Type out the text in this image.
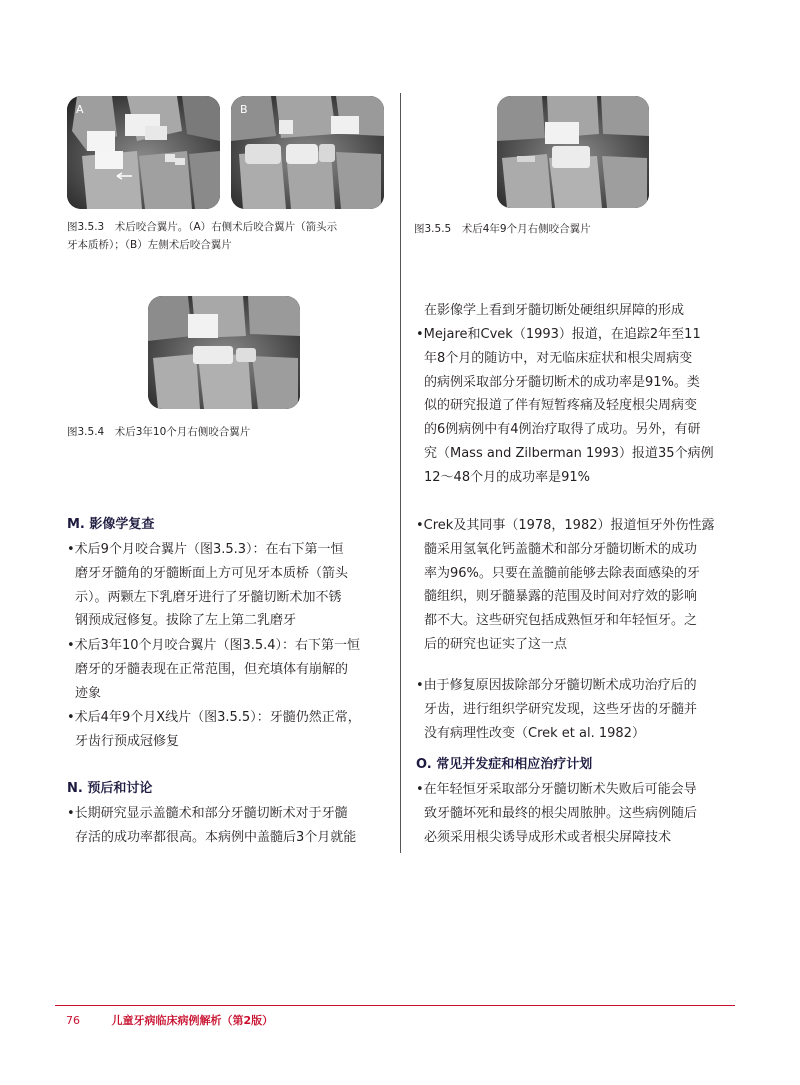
A	B
图3.5.3　术后咬合翼片。（A）右侧术后咬合翼片（箭头示
牙本质桥）；（B）左侧术后咬合翼片
图3.5.5　术后4年9个月右侧咬合翼片
图3.5.4　术后3年10个月右侧咬合翼片
M. 影像学复查
•术后9个月咬合翼片（图3.5.3）：在右下第一恒
磨牙牙髓角的牙髓断面上方可见牙本质桥（箭头
示）。两颗左下乳磨牙进行了牙髓切断术加不锈
钢预成冠修复。拔除了左上第二乳磨牙
•术后3年10个月咬合翼片（图3.5.4）：右下第一恒
磨牙的牙髓表现在正常范围，但充填体有崩解的
迹象
•术后4年9个月X线片（图3.5.5）：牙髓仍然正常，
牙齿行预成冠修复
N. 预后和讨论
•长期研究显示盖髓术和部分牙髓切断术对于牙髓
存活的成功率都很高。本病例中盖髓后3个月就能
在影像学上看到牙髓切断处硬组织屏障的形成
•Mejare和Cvek（1993）报道，在追踪2年至11
年8个月的随访中，对无临床症状和根尖周病变
的病例采取部分牙髓切断术的成功率是91%。类
似的研究报道了伴有短暂疼痛及轻度根尖周病变
的6例病例中有4例治疗取得了成功。另外，有研
究（Mass and Zilberman 1993）报道35个病例
12～48个月的成功率是91%
•Crek及其同事（1978，1982）报道恒牙外伤性露
髓采用氢氧化钙盖髓术和部分牙髓切断术的成功
率为96%。只要在盖髓前能够去除表面感染的牙
髓组织，则牙髓暴露的范围及时间对疗效的影响
都不大。这些研究包括成熟恒牙和年轻恒牙。之
后的研究也证实了这一点
•由于修复原因拔除部分牙髓切断术成功治疗后的
牙齿，进行组织学研究发现，这些牙齿的牙髓并
没有病理性改变（Crek et al. 1982）
O. 常见并发症和相应治疗计划
•在年轻恒牙采取部分牙髓切断术失败后可能会导
致牙髓坏死和最终的根尖周脓肿。这些病例随后
必须采用根尖诱导成形术或者根尖屏障技术
76	儿童牙病临床病例解析（第2版）
